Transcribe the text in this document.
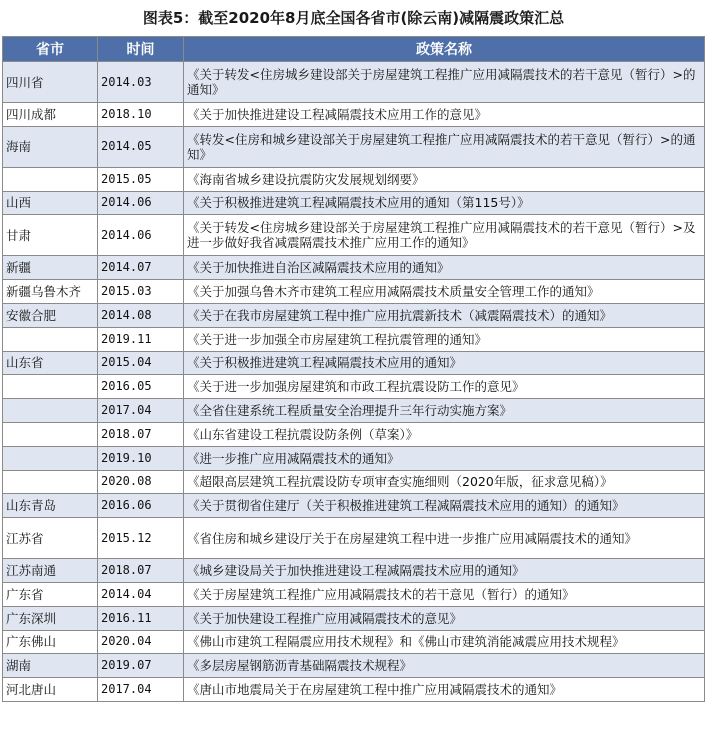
图表5：截至2020年8月底全国各省市(除云南)减隔震政策汇总
省市	时间	政策名称
四川省	2014.03	《关于转发<住房城乡建设部关于房屋建筑工程推广应用减隔震技术的若干意见（暂行）>的通知》
四川成都	2018.10	《关于加快推进建设工程减隔震技术应用工作的意见》
海南	2014.05	《转发<住房和城乡建设部关于房屋建筑工程推广应用减隔震技术的若干意见（暂行）>的通知》
	2015.05	《海南省城乡建设抗震防灾发展规划纲要》
山西	2014.06	《关于积极推进建筑工程减隔震技术应用的通知（第115号）》
甘肃	2014.06	《关于转发<住房城乡建设部关于房屋建筑工程推广应用减隔震技术的若干意见（暂行）>及进一步做好我省减震隔震技术推广应用工作的通知》
新疆	2014.07	《关于加快推进自治区减隔震技术应用的通知》
新疆乌鲁木齐	2015.03	《关于加强乌鲁木齐市建筑工程应用减隔震技术质量安全管理工作的通知》
安徽合肥	2014.08	《关于在我市房屋建筑工程中推广应用抗震新技术（减震隔震技术）的通知》
	2019.11	《关于进一步加强全市房屋建筑工程抗震管理的通知》
山东省	2015.04	《关于积极推进建筑工程减隔震技术应用的通知》
	2016.05	《关于进一步加强房屋建筑和市政工程抗震设防工作的意见》
	2017.04	《全省住建系统工程质量安全治理提升三年行动实施方案》
	2018.07	《山东省建设工程抗震设防条例（草案）》
	2019.10	《进一步推广应用减隔震技术的通知》
	2020.08	《超限高层建筑工程抗震设防专项审查实施细则（2020年版，征求意见稿）》
山东青岛	2016.06	《关于贯彻省住建厅（关于积极推进建筑工程减隔震技术应用的通知）的通知》
江苏省	2015.12	《省住房和城乡建设厅关于在房屋建筑工程中进一步推广应用减隔震技术的通知》
江苏南通	2018.07	《城乡建设局关于加快推进建设工程减隔震技术应用的通知》
广东省	2014.04	《关于房屋建筑工程推广应用减隔震技术的若干意见（暂行）的通知》
广东深圳	2016.11	《关于加快建设工程推广应用减隔震技术的意见》
广东佛山	2020.04	《佛山市建筑工程隔震应用技术规程》和《佛山市建筑消能减震应用技术规程》
湖南	2019.07	《多层房屋钢筋沥青基础隔震技术规程》
河北唐山	2017.04	《唐山市地震局关于在房屋建筑工程中推广应用减隔震技术的通知》
